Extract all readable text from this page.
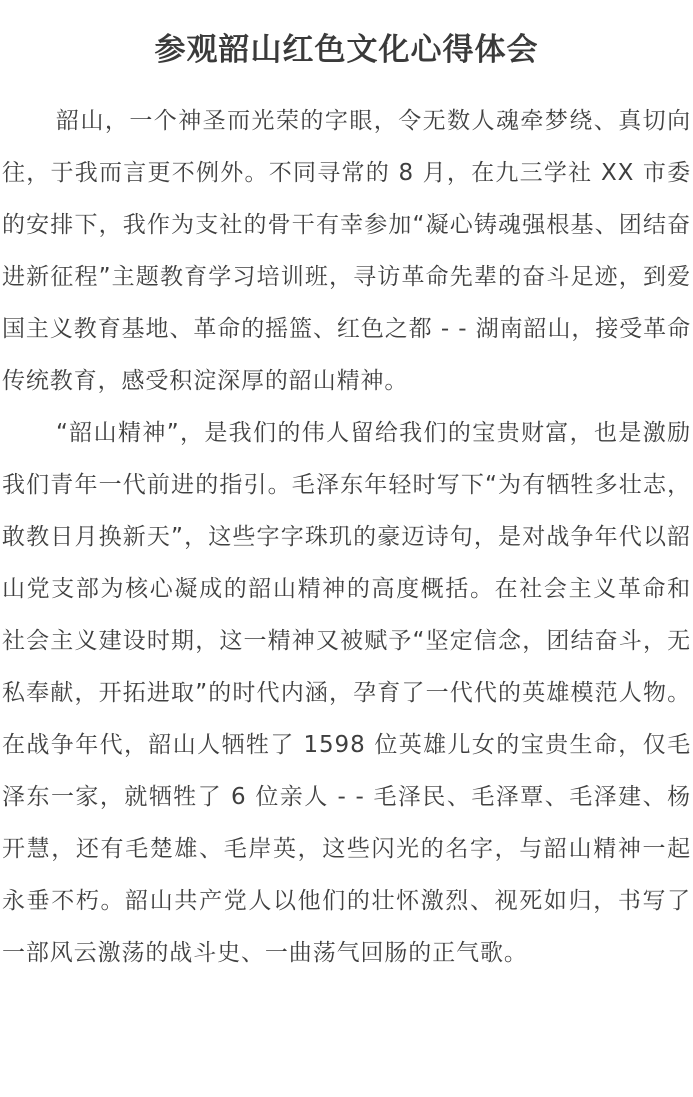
参观韶山红色文化心得体会

韶山，一个神圣而光荣的字眼，令无数人魂牵梦绕、真切向往，于我而言更不例外。不同寻常的 8 月，在九三学社 XX 市委的安排下，我作为支社的骨干有幸参加“凝心铸魂强根基、团结奋进新征程”主题教育学习培训班，寻访革命先辈的奋斗足迹，到爱国主义教育基地、革命的摇篮、红色之都 - - 湖南韶山，接受革命传统教育，感受积淀深厚的韶山精神。

“韶山精神”，是我们的伟人留给我们的宝贵财富，也是激励我们青年一代前进的指引。毛泽东年轻时写下“为有牺牲多壮志，敢教日月换新天”，这些字字珠玑的豪迈诗句，是对战争年代以韶山党支部为核心凝成的韶山精神的高度概括。在社会主义革命和社会主义建设时期，这一精神又被赋予“坚定信念，团结奋斗，无私奉献，开拓进取”的时代内涵，孕育了一代代的英雄模范人物。在战争年代，韶山人牺牲了 1598 位英雄儿女的宝贵生命，仅毛泽东一家，就牺牲了 6 位亲人 - - 毛泽民、毛泽覃、毛泽建、杨开慧，还有毛楚雄、毛岸英，这些闪光的名字，与韶山精神一起永垂不朽。韶山共产党人以他们的壮怀激烈、视死如归，书写了一部风云激荡的战斗史、一曲荡气回肠的正气歌。
